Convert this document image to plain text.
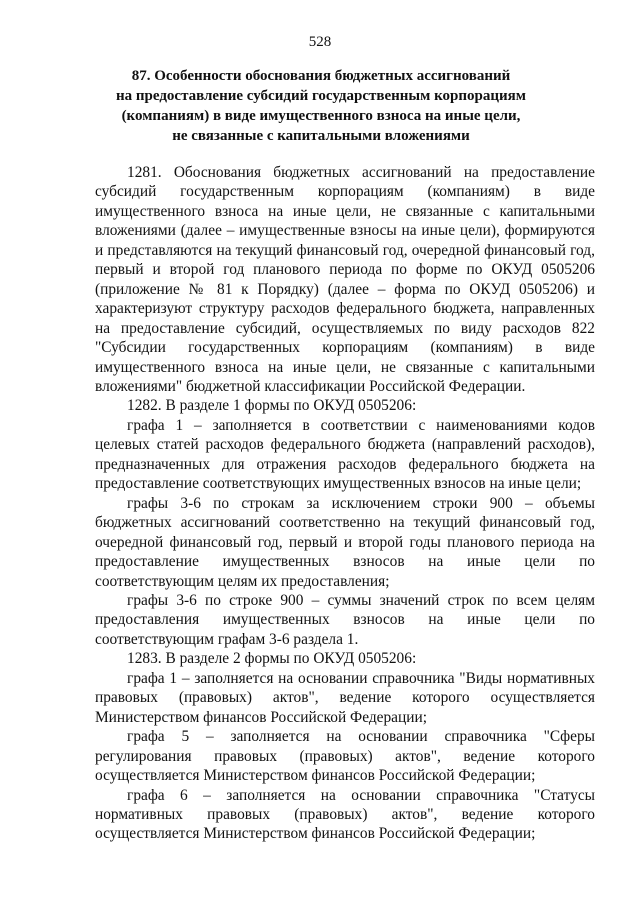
528
87. Особенности обоснования бюджетных ассигнований
на предоставление субсидий государственным корпорациям
(компаниям) в виде имущественного взноса на иные цели,
не связанные с капитальными вложениями

1281. Обоснования бюджетных ассигнований на предоставление субсидий государственным корпорациям (компаниям) в виде имущественного взноса на иные цели, не связанные с капитальными вложениями (далее – имущественные взносы на иные цели), формируются и представляются на текущий финансовый год, очередной финансовый год, первый и второй год планового периода по форме по ОКУД 0505206 (приложение № 81 к Порядку) (далее – форма по ОКУД 0505206) и характеризуют структуру расходов федерального бюджета, направленных на предоставление субсидий, осуществляемых по виду расходов 822 "Субсидии государственных корпорациям (компаниям) в виде имущественного взноса на иные цели, не связанные с капитальными вложениями" бюджетной классификации Российской Федерации.

1282. В разделе 1 формы по ОКУД 0505206:

графа 1 – заполняется в соответствии с наименованиями кодов целевых статей расходов федерального бюджета (направлений расходов), предназначенных для отражения расходов федерального бюджета на предоставление соответствующих имущественных взносов на иные цели;

графы 3-6 по строкам за исключением строки 900 – объемы бюджетных ассигнований соответственно на текущий финансовый год, очередной финансовый год, первый и второй годы планового периода на предоставление имущественных взносов на иные цели по соответствующим целям их предоставления;

графы 3-6 по строке 900 – суммы значений строк по всем целям предоставления имущественных взносов на иные цели по соответствующим графам 3-6 раздела 1.

1283. В разделе 2 формы по ОКУД 0505206:

графа 1 – заполняется на основании справочника "Виды нормативных правовых (правовых) актов", ведение которого осуществляется Министерством финансов Российской Федерации;

графа 5 – заполняется на основании справочника "Сферы регулирования правовых (правовых) актов", ведение которого осуществляется Министерством финансов Российской Федерации;

графа 6 – заполняется на основании справочника "Статусы нормативных правовых (правовых) актов", ведение которого осуществляется Министерством финансов Российской Федерации;
